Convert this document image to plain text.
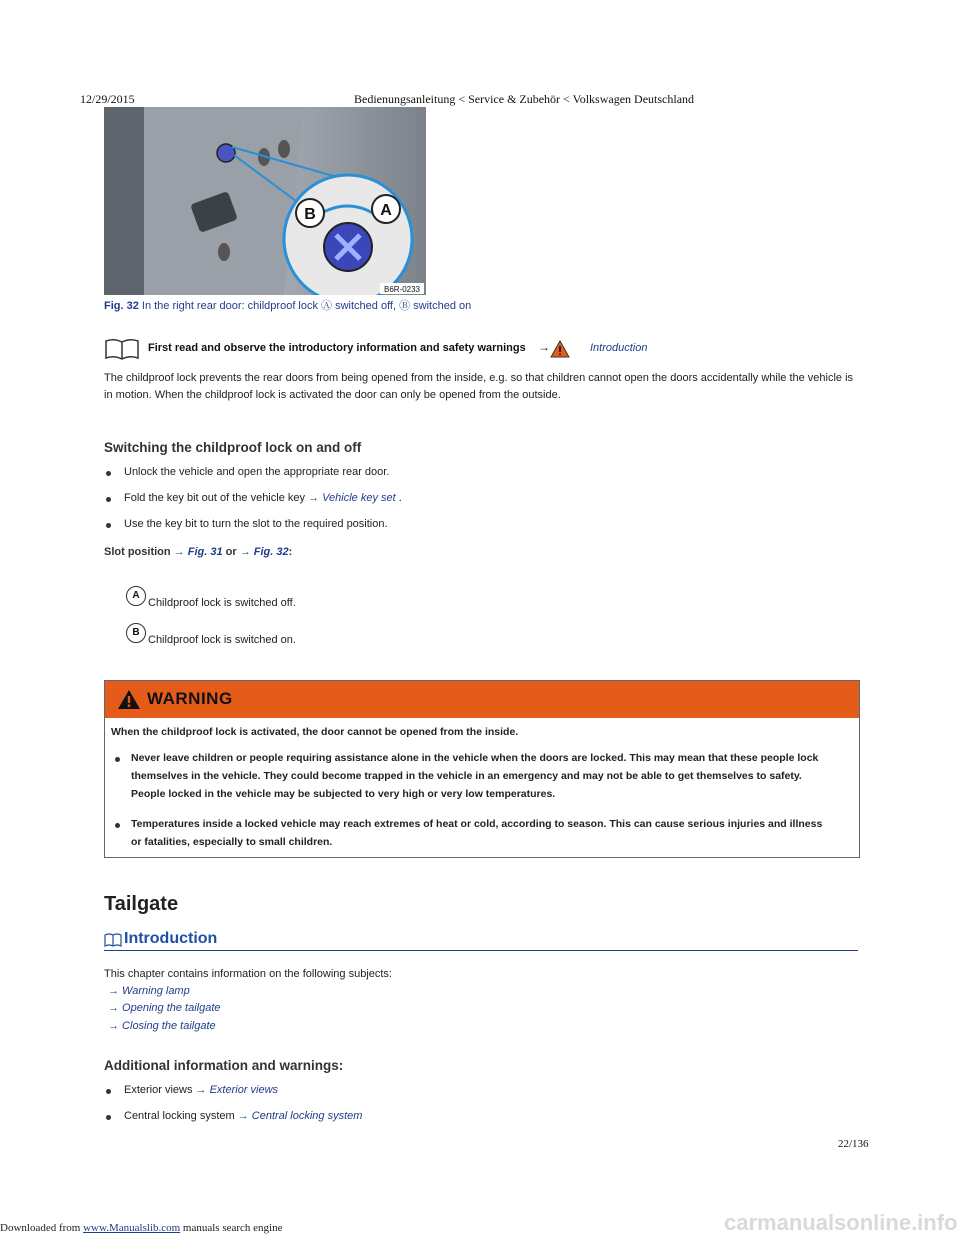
12/29/2015	Bedienungsanleitung < Service & Zubehör < Volkswagen Deutschland
B	A
B6R-0233
Fig. 32 In the right rear door: childproof lock Ⓐ switched off, Ⓑ switched on
First read and observe the introductory information and safety warnings →	Introduction
The childproof lock prevents the rear doors from being opened from the inside, e.g. so that children cannot open the doors accidentally while the vehicle is in motion. When the childproof lock is activated the door can only be opened from the outside.
Switching the childproof lock on and off
Unlock the vehicle and open the appropriate rear door.
Fold the key bit out of the vehicle key → Vehicle key set .
Use the key bit to turn the slot to the required position.
Slot position → Fig. 31 or → Fig. 32:
A
Childproof lock is switched off.
B
Childproof lock is switched on.
WARNING
When the childproof lock is activated, the door cannot be opened from the inside.
Never leave children or people requiring assistance alone in the vehicle when the doors are locked. This may mean that these people lock
themselves in the vehicle. They could become trapped in the vehicle in an emergency and may not be able to get themselves to safety.
People locked in the vehicle may be subjected to very high or very low temperatures.
Temperatures inside a locked vehicle may reach extremes of heat or cold, according to season. This can cause serious injuries and illness
or fatalities, especially to small children.
Tailgate
Introduction
This chapter contains information on the following subjects:
→ Warning lamp
→ Opening the tailgate
→ Closing the tailgate
Additional information and warnings:
Exterior views → Exterior views
Central locking system → Central locking system
22/136
carmanualsonline.info
Downloaded from www.Manualslib.com manuals search engine
